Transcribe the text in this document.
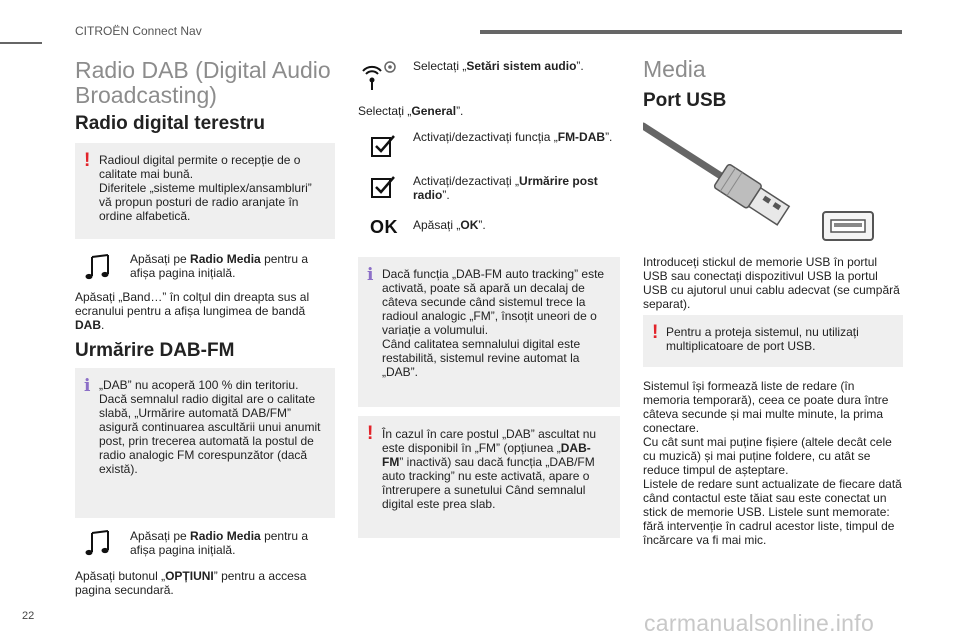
CITROËN Connect Nav
Radio DAB (Digital Audio
Broadcasting)
Radio digital terestru
! Radioul digital permite o recepție de o calitate mai bună.
Diferitele „sisteme multiplex/ansambluri” vă propun posturi de radio aranjate în ordine alfabetică.
Apăsați pe Radio Media pentru a afișa pagina inițială.
Apăsați „Band…” în colțul din dreapta sus al ecranului pentru a afișa lungimea de bandă DAB.
Urmărire DAB-FM
i „DAB” nu acoperă 100 % din teritoriu.
Dacă semnalul radio digital are o calitate slabă, „Urmărire automată DAB/FM” asigură continuarea ascultării unui anumit post, prin trecerea automată la postul de radio analogic FM corespunzător (dacă există).
Apăsați pe Radio Media pentru a afișa pagina inițială.
Apăsați butonul „OPȚIUNI” pentru a accesa pagina secundară.
Selectați „Setări sistem audio”.
Selectați „General”.
Activați/dezactivați funcția „FM-DAB”.
Activați/dezactivați „Urmărire post radio”.
OK Apăsați „OK”.
i Dacă funcția „DAB-FM auto tracking” este activată, poate să apară un decalaj de câteva secunde când sistemul trece la radioul analogic „FM”, însoțit uneori de o variație a volumului.
Când calitatea semnalului digital este restabilită, sistemul revine automat la „DAB”.
! În cazul în care postul „DAB” ascultat nu este disponibil în „FM” (opțiunea „DAB-FM” inactivă) sau dacă funcția „DAB/FM auto tracking” nu este activată, apare o întrerupere a sunetului Când semnalul digital este prea slab.
Media
Port USB
Introduceți stickul de memorie USB în portul USB sau conectați dispozitivul USB la portul USB cu ajutorul unui cablu adecvat (se cumpără separat).
! Pentru a proteja sistemul, nu utilizați multiplicatoare de port USB.
Sistemul își formează liste de redare (în memoria temporară), ceea ce poate dura între câteva secunde și mai multe minute, la prima conectare.
Cu cât sunt mai puține fișiere (altele decât cele cu muzică) și mai puține foldere, cu atât se reduce timpul de așteptare.
Listele de redare sunt actualizate de fiecare dată când contactul este tăiat sau este conectat un stick de memorie USB. Listele sunt memorate: fără intervenție în cadrul acestor liste, timpul de încărcare va fi mai mic.
22	carmanualsonline.info
